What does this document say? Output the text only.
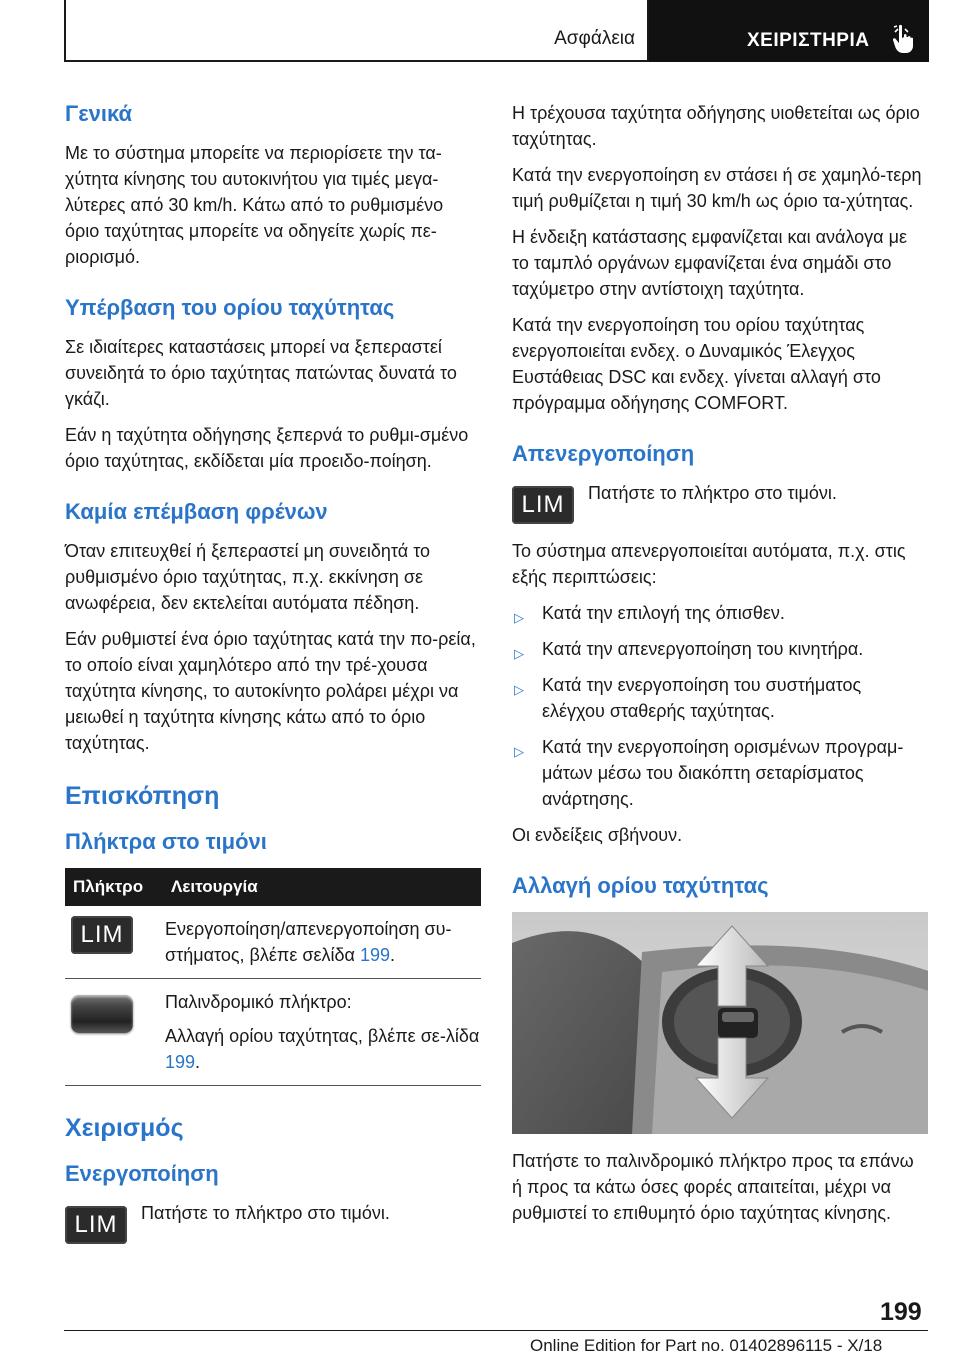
Ασφάλεια	ΧΕΙΡΙΣΤΗΡΙΑ
Γενικά

Με το σύστημα μπορείτε να περιορίσετε την τα-χύτητα κίνησης του αυτοκινήτου για τιμές μεγα-λύτερες από 30 km/h. Κάτω από το ρυθμισμένο όριο ταχύτητας μπορείτε να οδηγείτε χωρίς πε-ριορισμό.

Υπέρβαση του ορίου ταχύτητας

Σε ιδιαίτερες καταστάσεις μπορεί να ξεπεραστεί συνειδητά το όριο ταχύτητας πατώντας δυνατά το γκάζι.

Εάν η ταχύτητα οδήγησης ξεπερνά το ρυθμι-σμένο όριο ταχύτητας, εκδίδεται μία προειδο-ποίηση.

Καμία επέμβαση φρένων

Όταν επιτευχθεί ή ξεπεραστεί μη συνειδητά το ρυθμισμένο όριο ταχύτητας, π.χ. εκκίνηση σε ανωφέρεια, δεν εκτελείται αυτόματα πέδηση.

Εάν ρυθμιστεί ένα όριο ταχύτητας κατά την πο-ρεία, το οποίο είναι χαμηλότερο από την τρέ-χουσα ταχύτητα κίνησης, το αυτοκίνητο ρολάρει μέχρι να μειωθεί η ταχύτητα κίνησης κάτω από το όριο ταχύτητας.

Επισκόπηση
Πλήκτρα στο τιμόνι
Πλήκτρο	Λειτουργία
LIM	Ενεργοποίηση/απενεργοποίηση συ-στήματος, βλέπε σελίδα 199.

	Παλινδρομικό πλήκτρο:

Αλλαγή ορίου ταχύτητας, βλέπε σε-λίδα 199.

Χειρισμός
Ενεργοποίηση
LIM	Πατήστε το πλήκτρο στο τιμόνι.

Η τρέχουσα ταχύτητα οδήγησης υιοθετείται ως όριο ταχύτητας.

Κατά την ενεργοποίηση εν στάσει ή σε χαμηλό-τερη τιμή ρυθμίζεται η τιμή 30 km/h ως όριο τα-χύτητας.

Η ένδειξη κατάστασης εμφανίζεται και ανάλογα με το ταμπλό οργάνων εμφανίζεται ένα σημάδι στο ταχύμετρο στην αντίστοιχη ταχύτητα.

Κατά την ενεργοποίηση του ορίου ταχύτητας ενεργοποιείται ενδεχ. ο Δυναμικός Έλεγχος Ευστάθειας DSC και ενδεχ. γίνεται αλλαγή στο πρόγραμμα οδήγησης COMFORT.

Απενεργοποίηση
LIM	Πατήστε το πλήκτρο στο τιμόνι.

Το σύστημα απενεργοποιείται αυτόματα, π.χ. στις εξής περιπτώσεις:

▷ Κατά την επιλογή της όπισθεν.
▷ Κατά την απενεργοποίηση του κινητήρα.
▷ Κατά την ενεργοποίηση του συστήματος ελέγχου σταθερής ταχύτητας.
▷ Κατά την ενεργοποίηση ορισμένων προγραμ-μάτων μέσω του διακόπτη σεταρίσματος ανάρτησης.

Οι ενδείξεις σβήνουν.

Αλλαγή ορίου ταχύτητας

Πατήστε το παλινδρομικό πλήκτρο προς τα επάνω ή προς τα κάτω όσες φορές απαιτείται, μέχρι να ρυθμιστεί το επιθυμητό όριο ταχύτητας κίνησης.

199
Online Edition for Part no. 01402896115 - X/18
